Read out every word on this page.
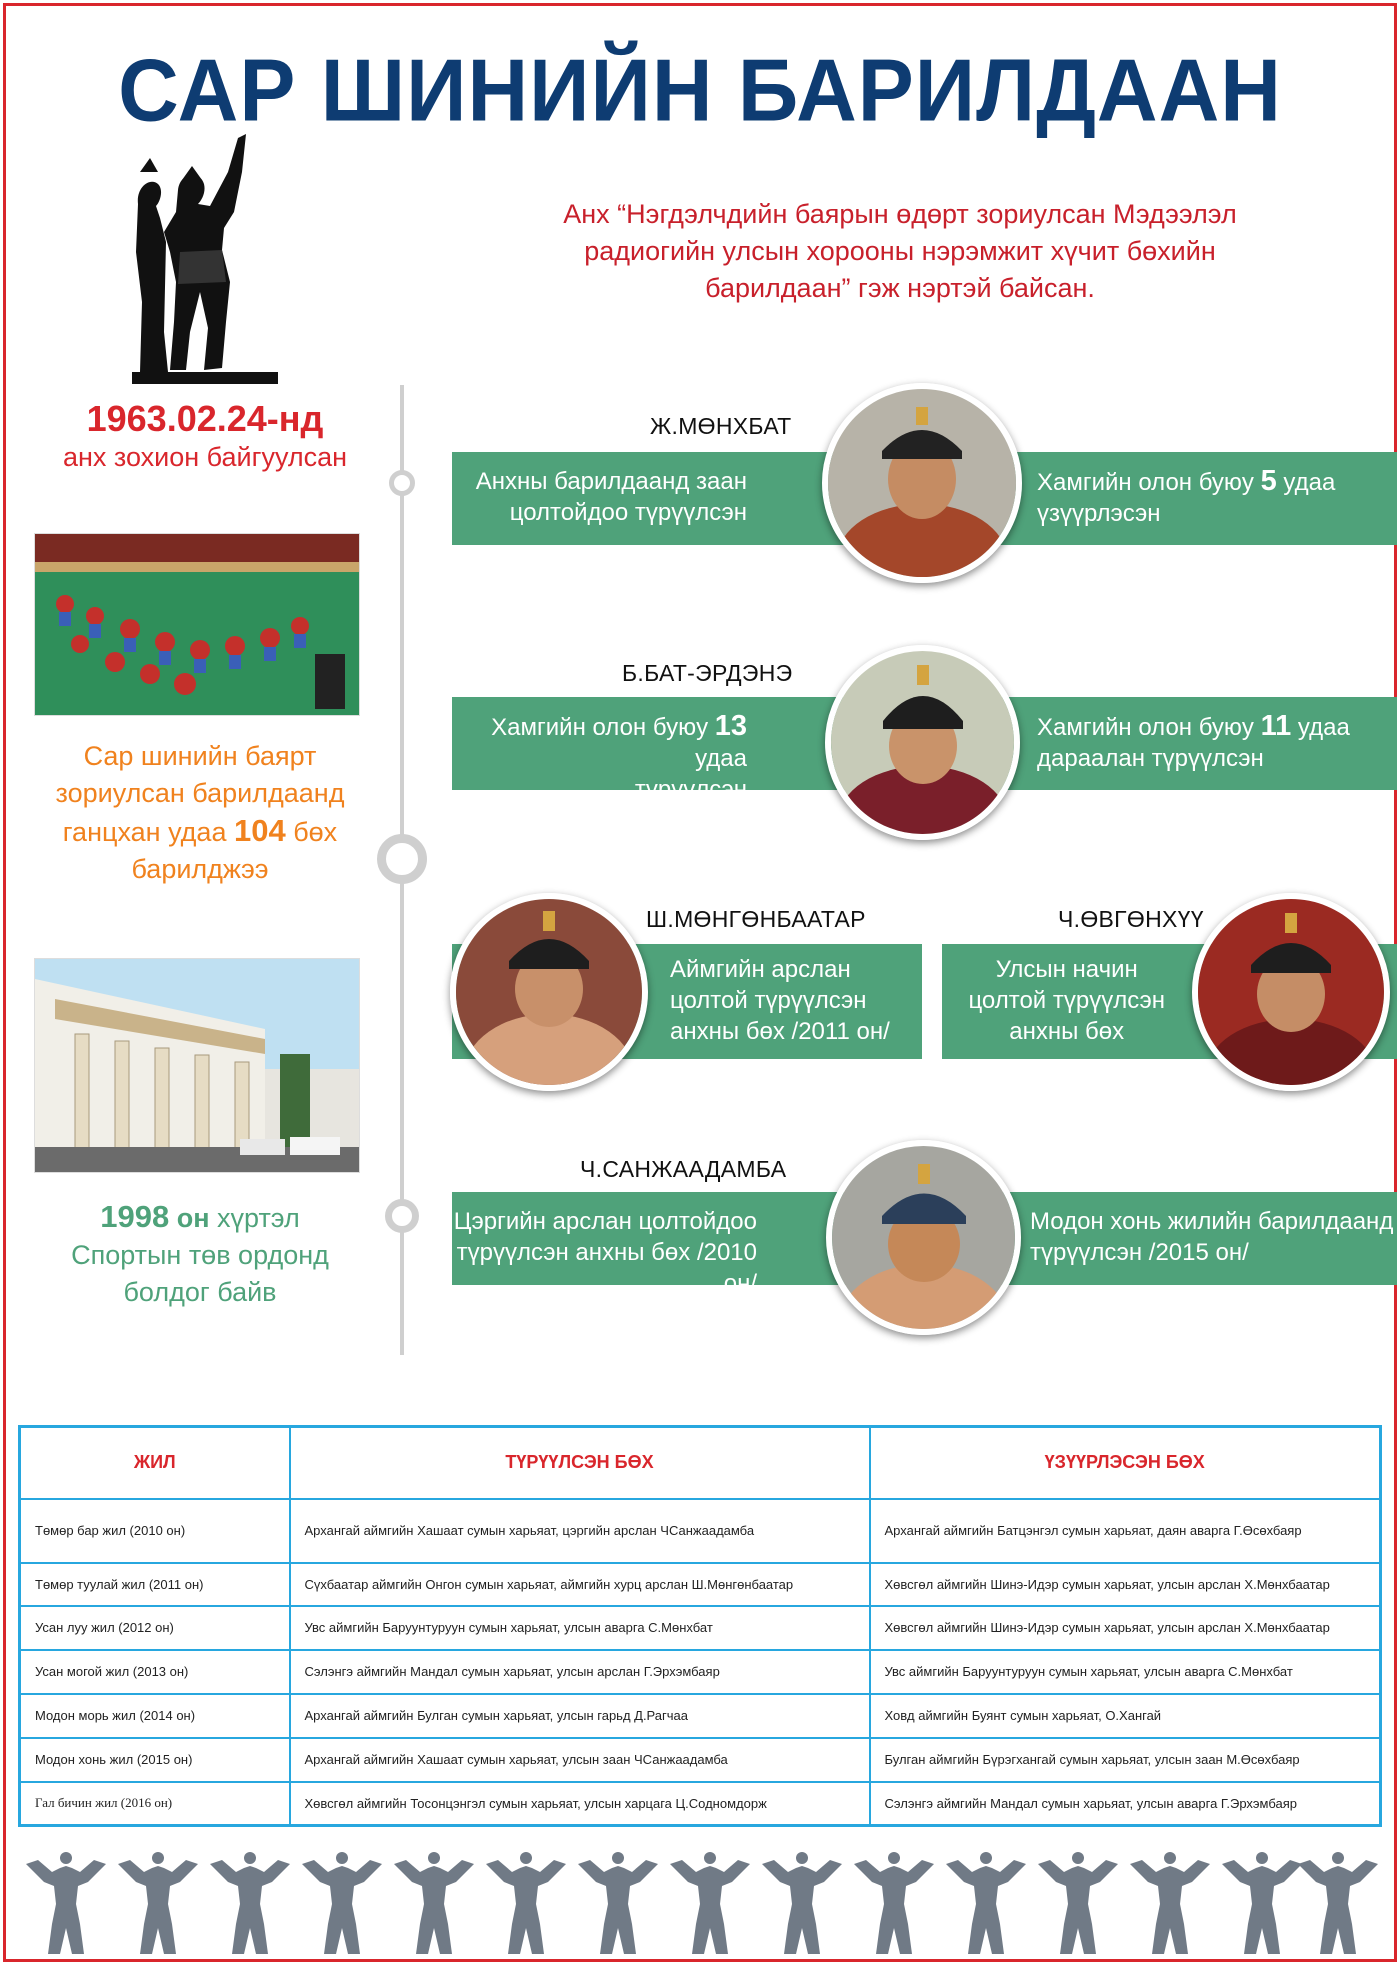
САР ШИНИЙН БАРИЛДААН
Анх “Нэгдэлчдийн баярын өдөрт зориулсан Мэдээлэл
радиогийн улсын хорооны нэрэмжит хүчит бөхийн
барилдаан” гэж нэртэй байсан.
1963.02.24-нд
анх зохион байгуулсан
Сар шинийн баярт
зориулсан барилдаанд
ганцхан удаа 104 бөх
барилджээ
1998 он хүртэл
Спортын төв ордонд
болдог байв
Ж.МӨНХБАТ
Анхны барилдаанд заан
цолтойдоо түрүүлсэн
Хамгийн олон буюу 5 удаа
үзүүрлэсэн
Б.БАТ-ЭРДЭНЭ
Хамгийн олон буюу 13 удаа
түрүүлсэн
Хамгийн олон буюу 11 удаа
дараалан түрүүлсэн
Ш.МӨНГӨНБААТАР
Аймгийн арслан
цолтой түрүүлсэн
анхны бөх /2011 он/
Ч.ӨВГӨНХҮҮ
Улсын начин
цолтой түрүүлсэн
анхны бөх
Ч.САНЖААДАМБА
Цэргийн арслан цолтойдоо
түрүүлсэн анхны бөх /2010 он/
Модон хонь жилийн барилдаанд
түрүүлсэн /2015 он/
ЖИЛ	ТҮРҮҮЛСЭН БӨХ	ҮЗҮҮРЛЭСЭН БӨХ
Төмөр бар жил (2010 он)	Архангай аймгийн Хашаат сумын харьяат, цэргийн арслан ЧСанжаадамба	Архангай аймгийн Батцэнгэл сумын харьяат, даян аварга Г.Өсөхбаяр
Төмөр туулай жил (2011 он)	Сүхбаатар аймгийн Онгон сумын харьяат, аймгийн хурц арслан Ш.Мөнгөнбаатар	Хөвсгөл аймгийн Шинэ-Идэр сумын харьяат, улсын арслан Х.Мөнхбаатар
Усан луу жил (2012 он)	Увс аймгийн Баруунтуруун сумын харьяат, улсын аварга С.Мөнхбат	Хөвсгөл аймгийн Шинэ-Идэр сумын харьяат, улсын арслан Х.Мөнхбаатар
Усан могой жил (2013 он)	Сэлэнгэ аймгийн Мандал сумын харьяат, улсын арслан Г.Эрхэмбаяр	Увс аймгийн Баруунтуруун сумын харьяат, улсын аварга С.Мөнхбат
Модон морь жил (2014 он)	Архангай аймгийн Булган сумын харьяат, улсын гарьд Д.Рагчаа	Ховд аймгийн Буянт сумын харьяат, О.Хангай
Модон хонь жил (2015 он)	Архангай аймгийн Хашаат сумын харьяат, улсын заан ЧСанжаадамба	Булган аймгийн Бүрэгхангай сумын харьяат, улсын заан М.Өсөхбаяр
Гал бичин жил (2016 он)	Хөвсгөл аймгийн Тосонцэнгэл сумын харьяат, улсын харцага Ц.Содномдорж	Сэлэнгэ аймгийн Мандал сумын харьяат, улсын аварга Г.Эрхэмбаяр
